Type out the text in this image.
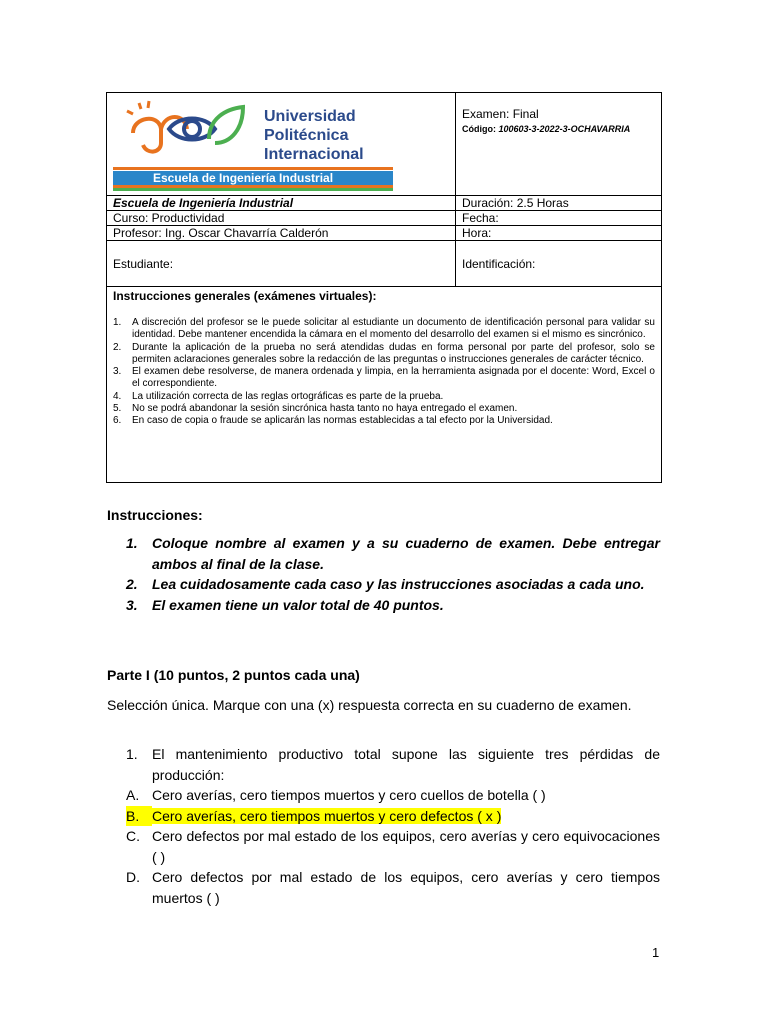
Universidad
Politécnica
Internacional
Escuela de Ingeniería Industrial
Examen: Final
Código: 100603-3-2022-3-OCHAVARRIA
Escuela de Ingeniería Industrial	Duración: 2.5 Horas
Curso: Productividad	Fecha:
Profesor: Ing. Oscar Chavarría Calderón	Hora:
Estudiante:	Identificación:
Instrucciones generales (exámenes virtuales):
1.	A discreción del profesor se le puede solicitar al estudiante un documento de identificación personal para validar su identidad. Debe mantener encendida la cámara en el momento del desarrollo del examen si el mismo es sincrónico.
2.	Durante la aplicación de la prueba no será atendidas dudas en forma personal por parte del profesor, solo se permiten aclaraciones generales sobre la redacción de las preguntas o instrucciones generales de carácter técnico.
3.	El examen debe resolverse, de manera ordenada y limpia, en la herramienta asignada por el docente: Word, Excel o el correspondiente.
4.	La utilización correcta de las reglas ortográficas es parte de la prueba.
5.	No se podrá abandonar la sesión sincrónica hasta tanto no haya entregado el examen.
6.	En caso de copia o fraude se aplicarán las normas establecidas a tal efecto por la Universidad.
Instrucciones:
1.	Coloque nombre al examen y a su cuaderno de examen. Debe entregar ambos al final de la clase.
2.	Lea cuidadosamente cada caso y las instrucciones asociadas a cada uno.
3.	El examen tiene un valor total de 40 puntos.
Parte I (10 puntos, 2 puntos cada una)
Selección única. Marque con una (x) respuesta correcta en su cuaderno de examen.
1.	El mantenimiento productivo total supone las siguiente tres pérdidas de producción:
A. Cero averías, cero tiempos muertos y cero cuellos de botella ( )
B. Cero averías, cero tiempos muertos y cero defectos ( x )
C. Cero defectos por mal estado de los equipos, cero averías y cero equivocaciones ( )
D. Cero defectos por mal estado de los equipos, cero averías y cero tiempos muertos ( )
1
